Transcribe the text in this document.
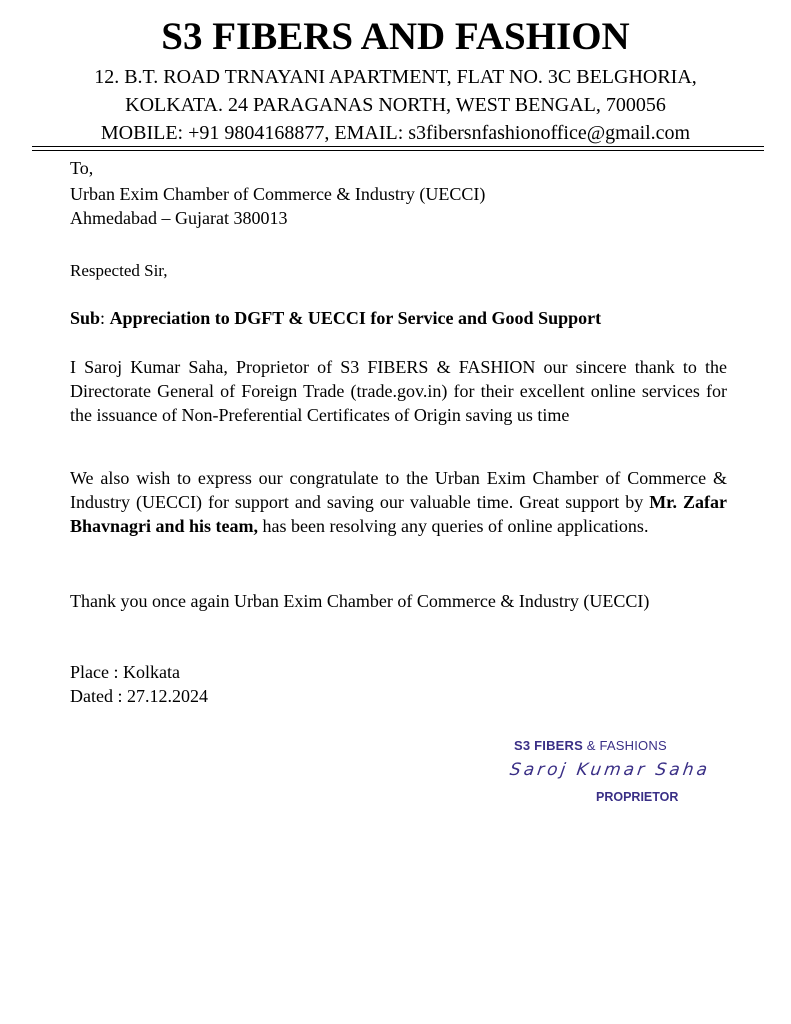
S3 FIBERS AND FASHION
12. B.T. ROAD TRNAYANI APARTMENT, FLAT NO. 3C BELGHORIA,
KOLKATA. 24 PARAGANAS NORTH, WEST BENGAL, 700056
MOBILE: +91 9804168877, EMAIL: s3fibersnfashionoffice@gmail.com

To,

Urban Exim Chamber of Commerce & Industry (UECCI)

Ahmedabad – Gujarat 380013

Respected Sir,

Sub: Appreciation to DGFT & UECCI for Service and Good Support

I Saroj Kumar Saha, Proprietor of S3 FIBERS & FASHION our sincere thank to the Directorate General of Foreign Trade (trade.gov.in) for their excellent online services for the issuance of Non-Preferential Certificates of Origin saving us time

We also wish to express our congratulate to the Urban Exim Chamber of Commerce & Industry (UECCI) for support and saving our valuable time. Great support by Mr. Zafar Bhavnagri and his team, has been resolving any queries of online applications.

Thank you once again Urban Exim Chamber of Commerce & Industry (UECCI)

Place : Kolkata

Dated : 27.12.2024

S3 FIBERS & FASHIONS
Saroj Kumar Saha
PROPRIETOR
